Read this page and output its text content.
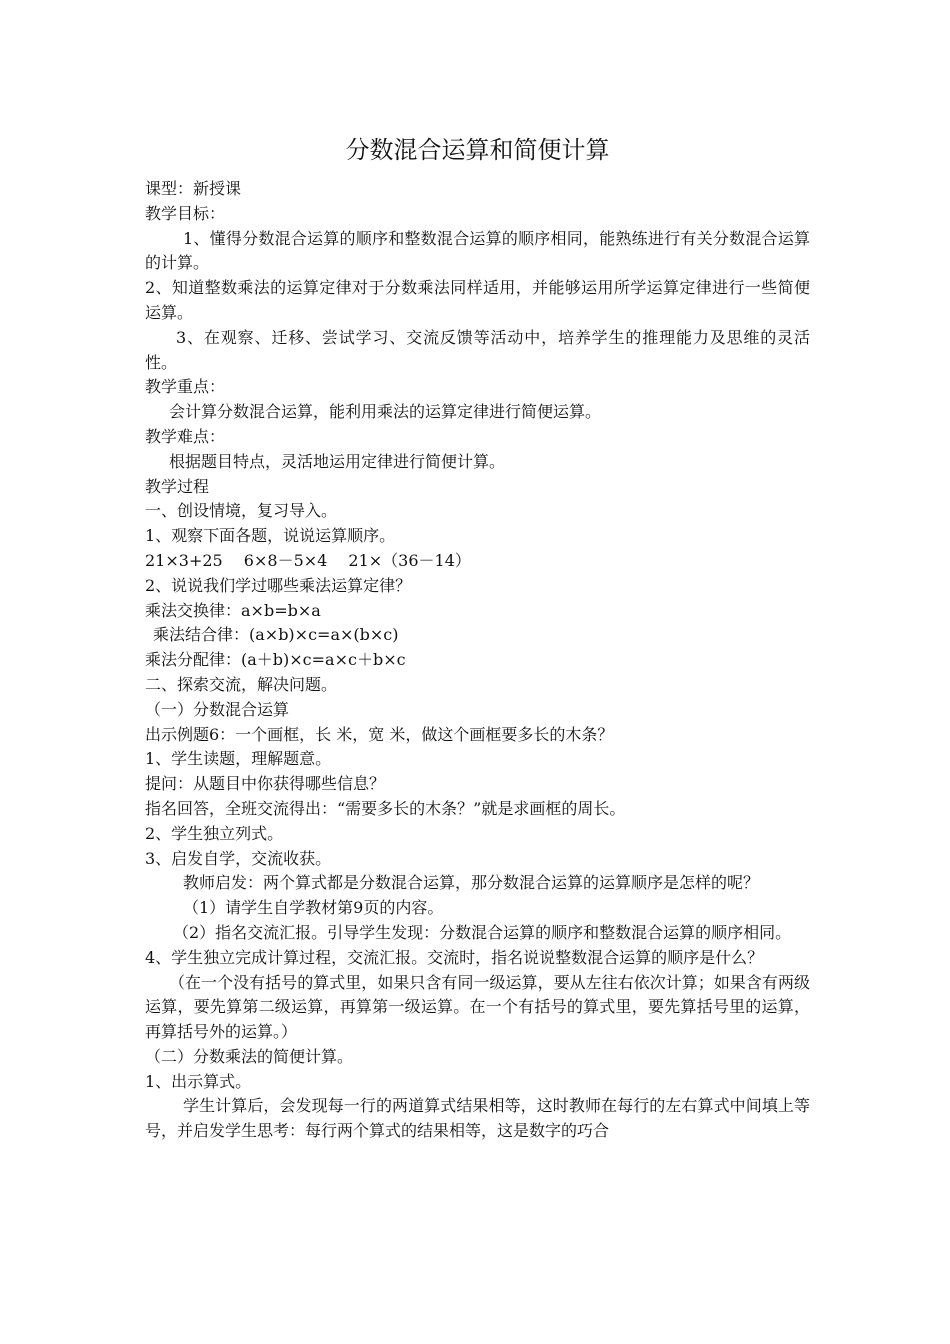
分数混合运算和简便计算

课型：新授课

教学目标：

1、懂得分数混合运算的顺序和整数混合运算的顺序相同，能熟练进行有关分数混合运算的计算。

2、知道整数乘法的运算定律对于分数乘法同样适用，并能够运用所学运算定律进行一些简便运算。

3、在观察、迁移、尝试学习、交流反馈等活动中，培养学生的推理能力及思维的灵活性。

教学重点：

会计算分数混合运算，能利用乘法的运算定律进行简便运算。

教学难点：

根据题目特点，灵活地运用定律进行简便计算。

教学过程

一、创设情境，复习导入。

1、观察下面各题，说说运算顺序。

21×3+25　 6×8－5×4　 21×（36－14）

2、说说我们学过哪些乘法运算定律？

乘法交换律：a×b=b×a

乘法结合律：(a×b)×c=a×(b×c)

乘法分配律：(a＋b)×c=a×c＋b×c

二、探索交流，解决问题。

（一）分数混合运算

出示例题6：一个画框，长 米，宽 米，做这个画框要多长的木条？

1、学生读题，理解题意。

提问：从题目中你获得哪些信息？

指名回答，全班交流得出：“需要多长的木条？”就是求画框的周长。

2、学生独立列式。

3、启发自学，交流收获。

教师启发：两个算式都是分数混合运算，那分数混合运算的运算顺序是怎样的呢？

（1）请学生自学教材第9页的内容。

（2）指名交流汇报。引导学生发现：分数混合运算的顺序和整数混合运算的顺序相同。

4、学生独立完成计算过程，交流汇报。交流时，指名说说整数混合运算的顺序是什么？

（在一个没有括号的算式里，如果只含有同一级运算，要从左往右依次计算；如果含有两级运算，要先算第二级运算，再算第一级运算。在一个有括号的算式里，要先算括号里的运算，再算括号外的运算。）

（二）分数乘法的简便计算。

1、出示算式。

学生计算后，会发现每一行的两道算式结果相等，这时教师在每行的左右算式中间填上等号，并启发学生思考：每行两个算式的结果相等，这是数字的巧合
